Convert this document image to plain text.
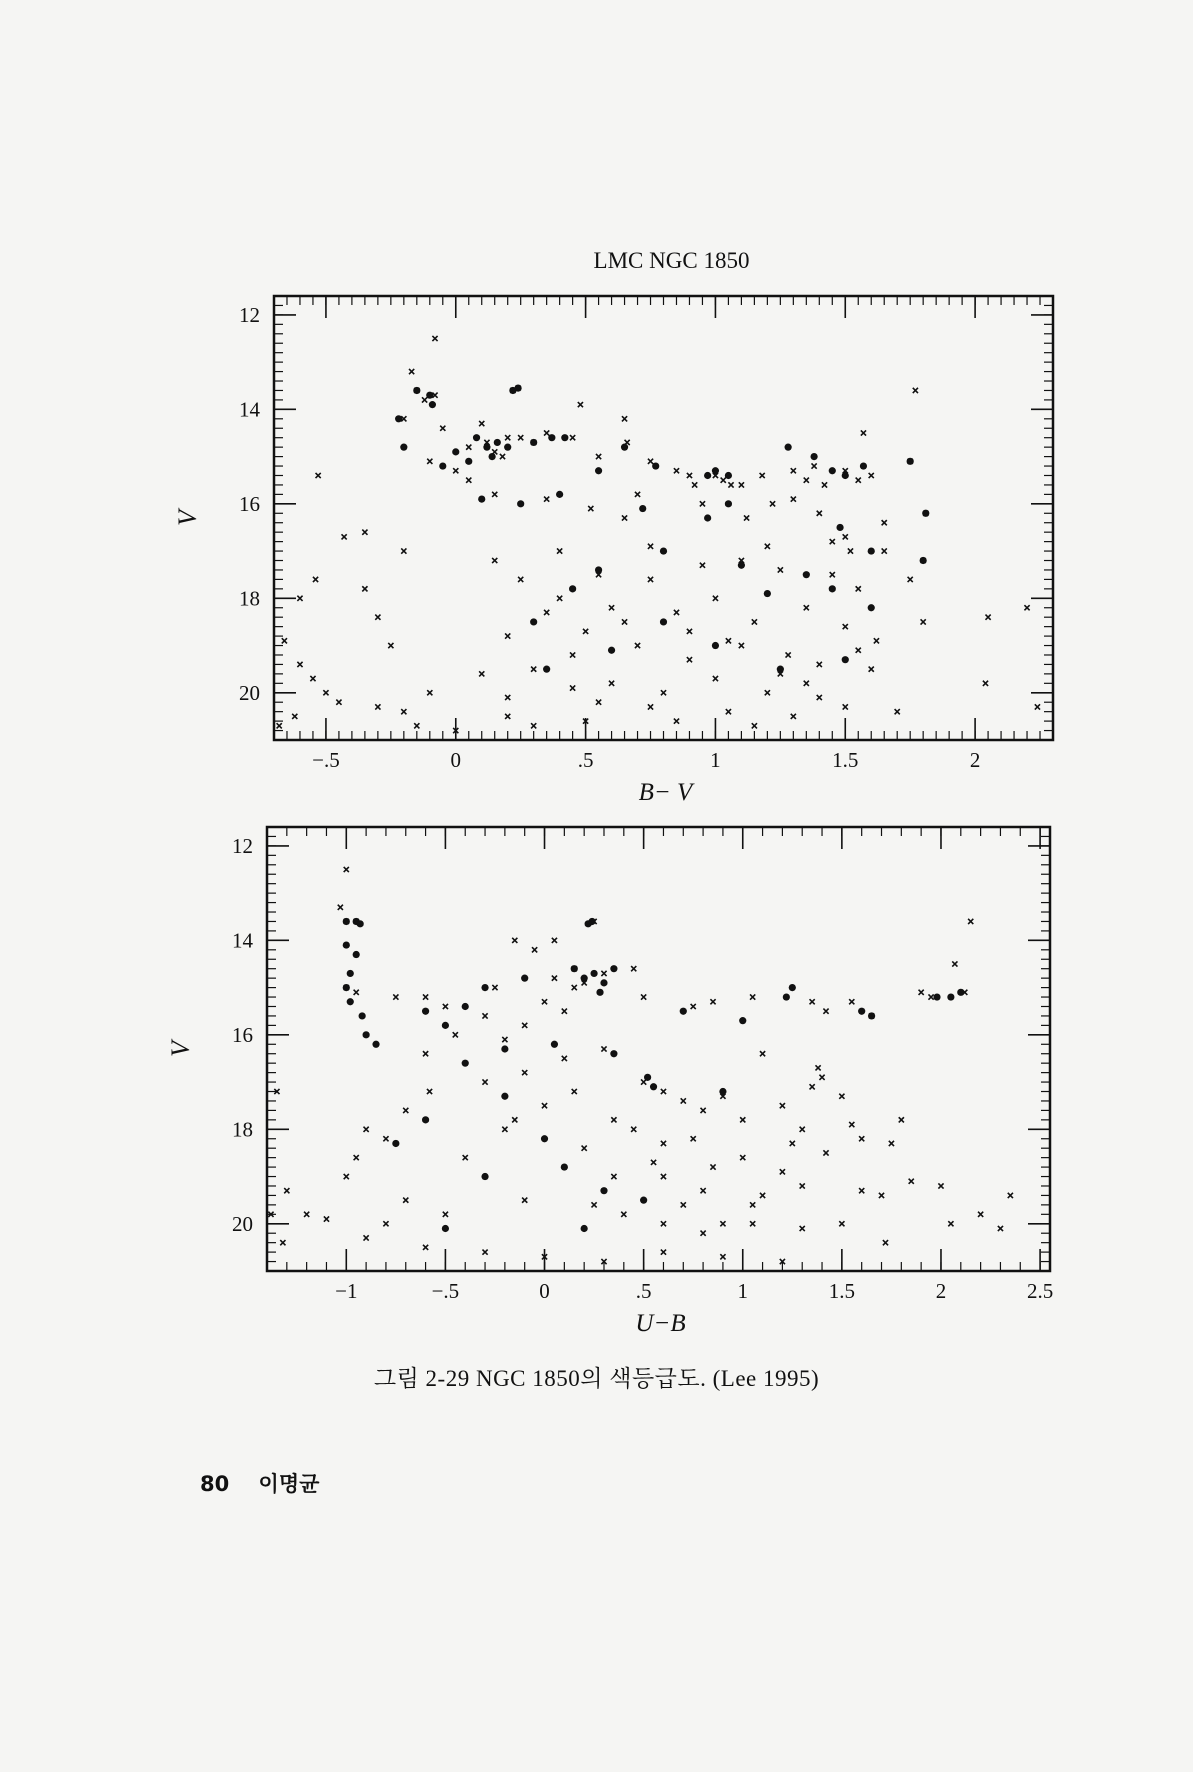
−.5	0	.5	1	1.5	2
12
14
16
18
20
LMC NGC 1850
B− V
V
−1	−.5	0	.5	1	1.5	2	2.5
12
14
16
18
20
U−B
V
그림 2-29 NGC 1850의 색등급도. (Lee 1995)
80 이명균
